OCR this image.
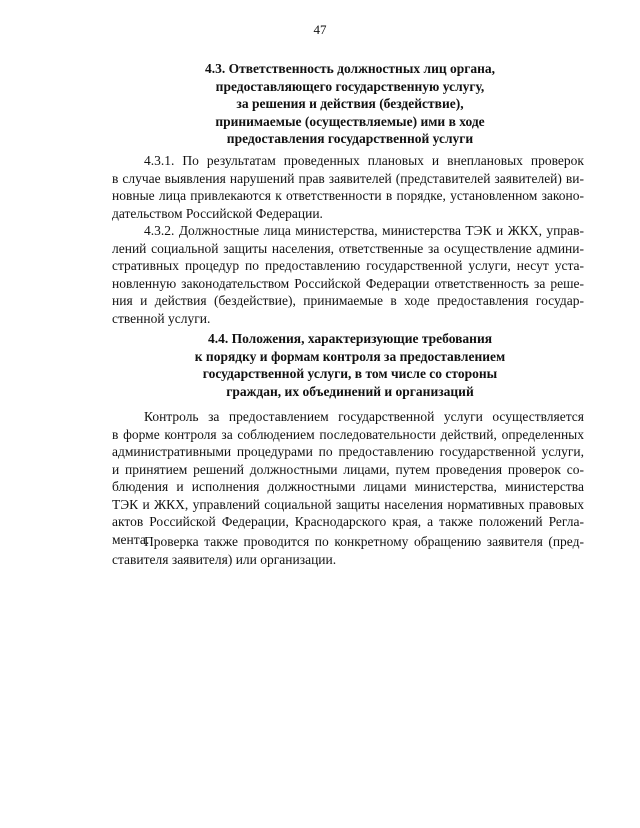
47
4.3. Ответственность должностных лиц органа,
предоставляющего государственную услугу,
за решения и действия (бездействие),
принимаемые (осуществляемые) ими в ходе
предоставления государственной услуги
4.3.1. По результатам проведенных плановых и внеплановых проверок
в случае выявления нарушений прав заявителей (представителей заявителей) ви-
новные лица привлекаются к ответственности в порядке, установленном законо-
дательством Российской Федерации.
4.3.2. Должностные лица министерства, министерства ТЭК и ЖКХ, управ-
лений социальной защиты населения, ответственные за осуществление админи-
стративных процедур по предоставлению государственной услуги, несут уста-
новленную законодательством Российской Федерации ответственность за реше-
ния и действия (бездействие), принимаемые в ходе предоставления государ-
ственной услуги.
4.4. Положения, характеризующие требования
к порядку и формам контроля за предоставлением
государственной услуги, в том числе со стороны
граждан, их объединений и организаций
Контроль за предоставлением государственной услуги осуществляется
в форме контроля за соблюдением последовательности действий, определенных
административными процедурами по предоставлению государственной услуги,
и принятием решений должностными лицами, путем проведения проверок со-
блюдения и исполнения должностными лицами министерства, министерства
ТЭК и ЖКХ, управлений социальной защиты населения нормативных правовых
актов Российской Федерации, Краснодарского края, а также положений Регла-
мента.
Проверка также проводится по конкретному обращению заявителя (пред-
ставителя заявителя) или организации.
